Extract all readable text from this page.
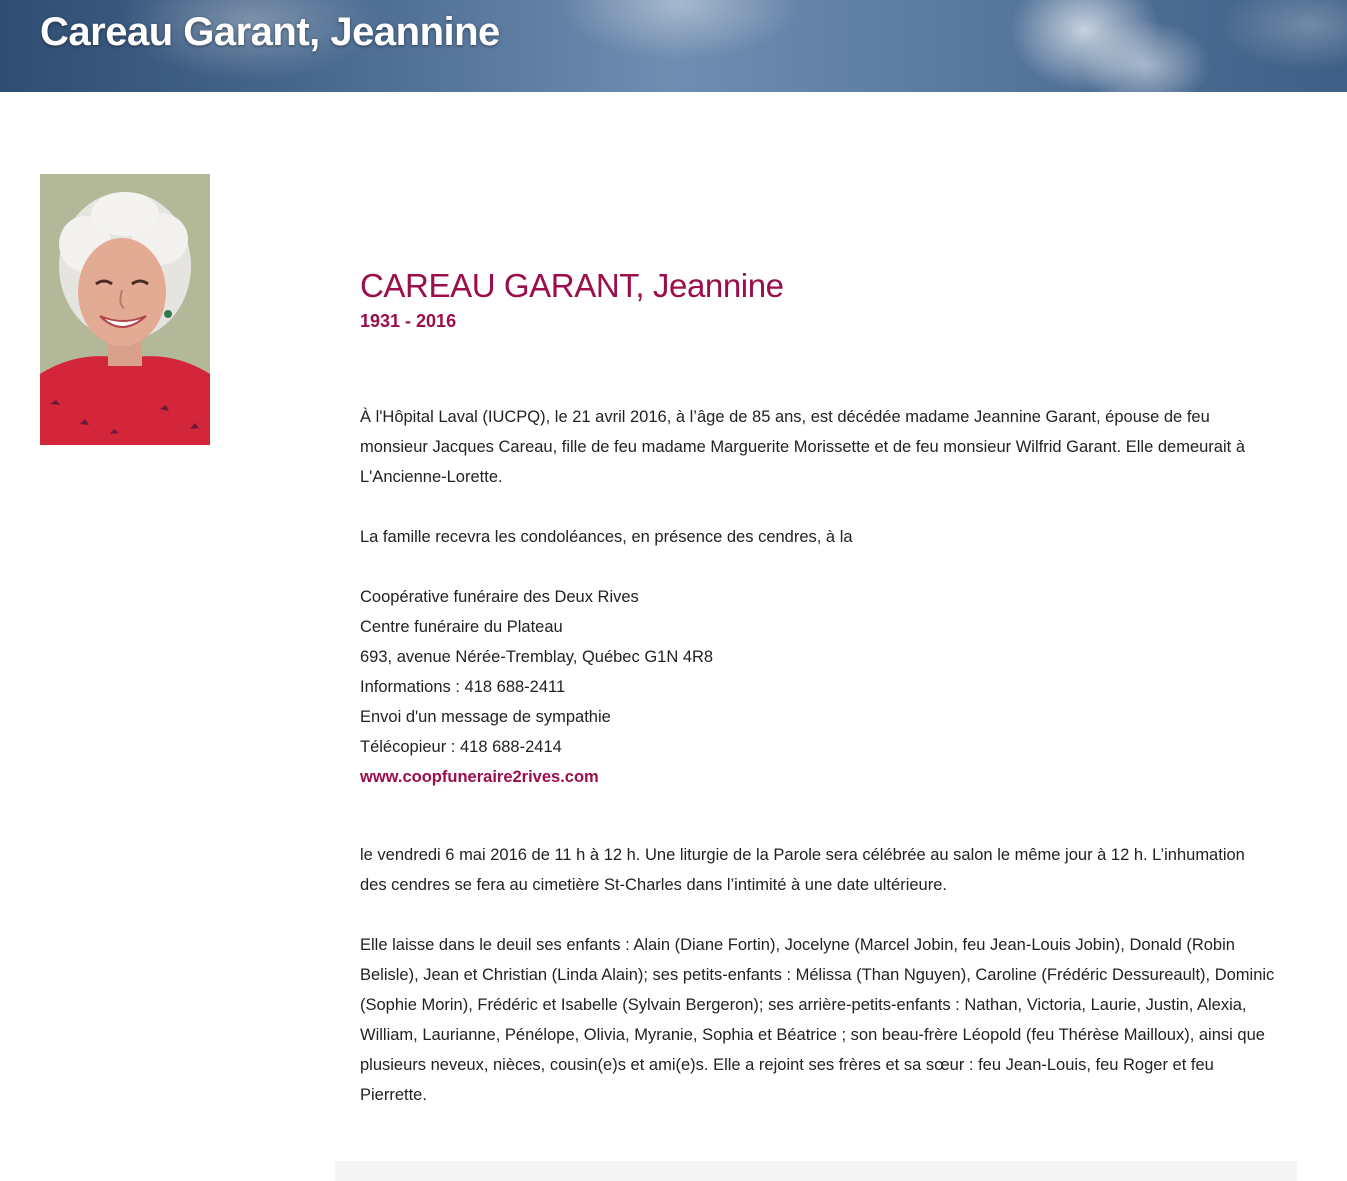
Careau Garant, Jeannine
CAREAU GARANT, Jeannine

1931 - 2016

À l'Hôpital Laval (IUCPQ), le 21 avril 2016, à l’âge de 85 ans, est décédée madame Jeannine Garant, épouse de feu monsieur Jacques Careau, fille de feu madame Marguerite Morissette et de feu monsieur Wilfrid Garant. Elle demeurait à L'Ancienne-Lorette.

La famille recevra les condoléances, en présence des cendres, à la

Coopérative funéraire des Deux Rives
Centre funéraire du Plateau
693, avenue Nérée-Tremblay, Québec G1N 4R8
Informations : 418 688-2411
Envoi d'un message de sympathie
Télécopieur : 418 688-2414
www.coopfuneraire2rives.com

le vendredi 6 mai 2016 de 11 h à 12 h. Une liturgie de la Parole sera célébrée au salon le même jour à 12 h. L’inhumation des cendres se fera au cimetière St-Charles dans l’intimité à une date ultérieure.

Elle laisse dans le deuil ses enfants : Alain (Diane Fortin), Jocelyne (Marcel Jobin, feu Jean-Louis Jobin), Donald (Robin Belisle), Jean et Christian (Linda Alain); ses petits-enfants : Mélissa (Than Nguyen), Caroline (Frédéric Dessureault), Dominic (Sophie Morin), Frédéric et Isabelle (Sylvain Bergeron); ses arrière-petits-enfants : Nathan, Victoria, Laurie, Justin, Alexia, William, Laurianne, Pénélope, Olivia, Myranie, Sophia et Béatrice ; son beau-frère Léopold (feu Thérèse Mailloux), ainsi que plusieurs neveux, nièces, cousin(e)s et ami(e)s. Elle a rejoint ses frères et sa sœur : feu Jean-Louis, feu Roger et feu Pierrette.
